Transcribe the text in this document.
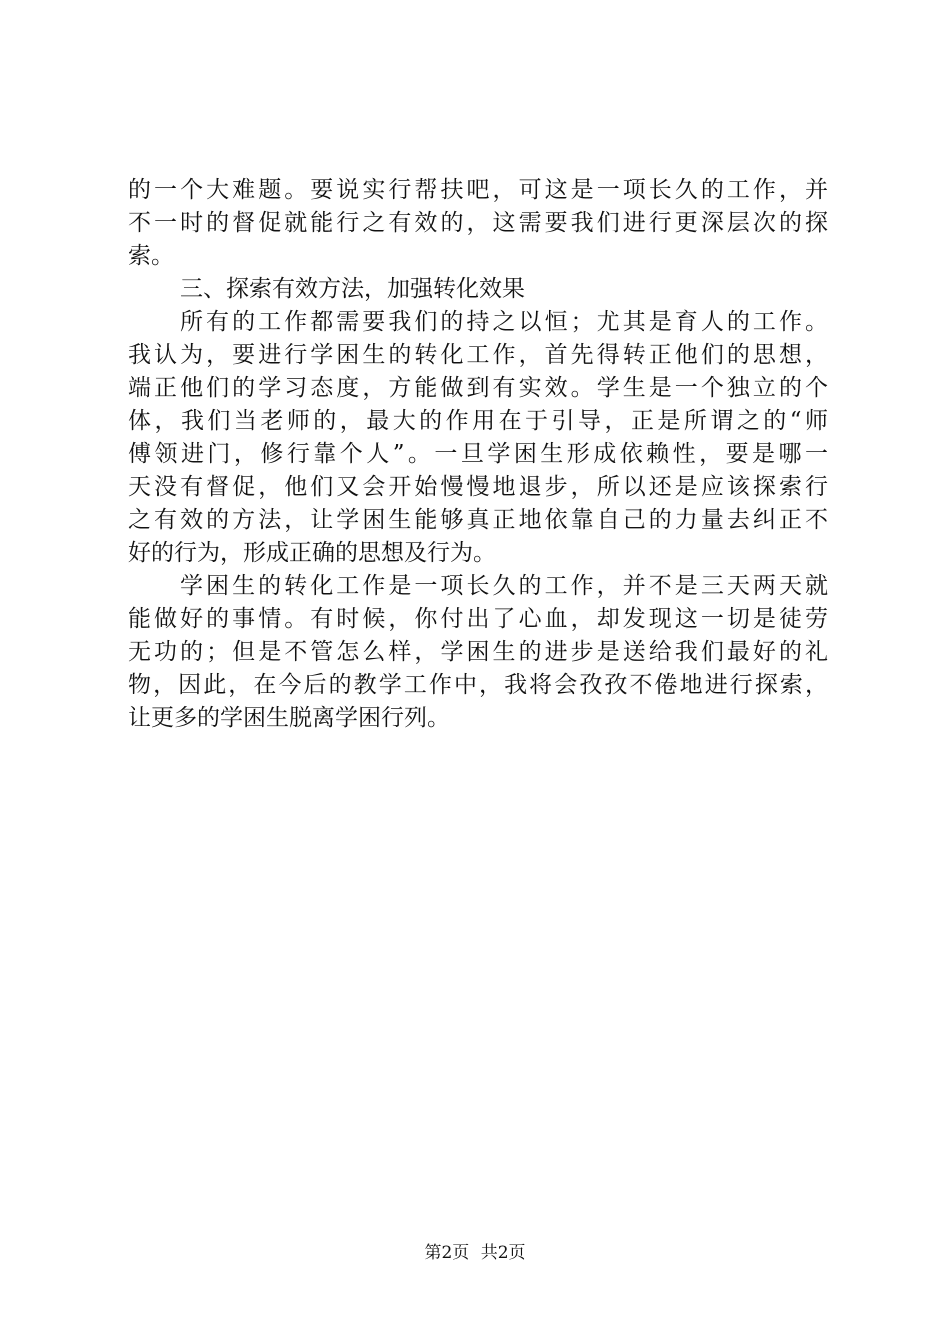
的一个大难题。要说实行帮扶吧，可这是一项长久的工作，并
不一时的督促就能行之有效的，这需要我们进行更深层次的探
索。
三、探索有效方法，加强转化效果
所有的工作都需要我们的持之以恒；尤其是育人的工作。
我认为，要进行学困生的转化工作，首先得转正他们的思想，
端正他们的学习态度，方能做到有实效。学生是一个独立的个
体，我们当老师的，最大的作用在于引导，正是所谓之的“师
傅领进门，修行靠个人”。一旦学困生形成依赖性，要是哪一
天没有督促，他们又会开始慢慢地退步，所以还是应该探索行
之有效的方法，让学困生能够真正地依靠自己的力量去纠正不
好的行为，形成正确的思想及行为。
学困生的转化工作是一项长久的工作，并不是三天两天就
能做好的事情。有时候，你付出了心血，却发现这一切是徒劳
无功的；但是不管怎么样，学困生的进步是送给我们最好的礼
物，因此，在今后的教学工作中，我将会孜孜不倦地进行探索，
让更多的学困生脱离学困行列。
第2页 共2页
